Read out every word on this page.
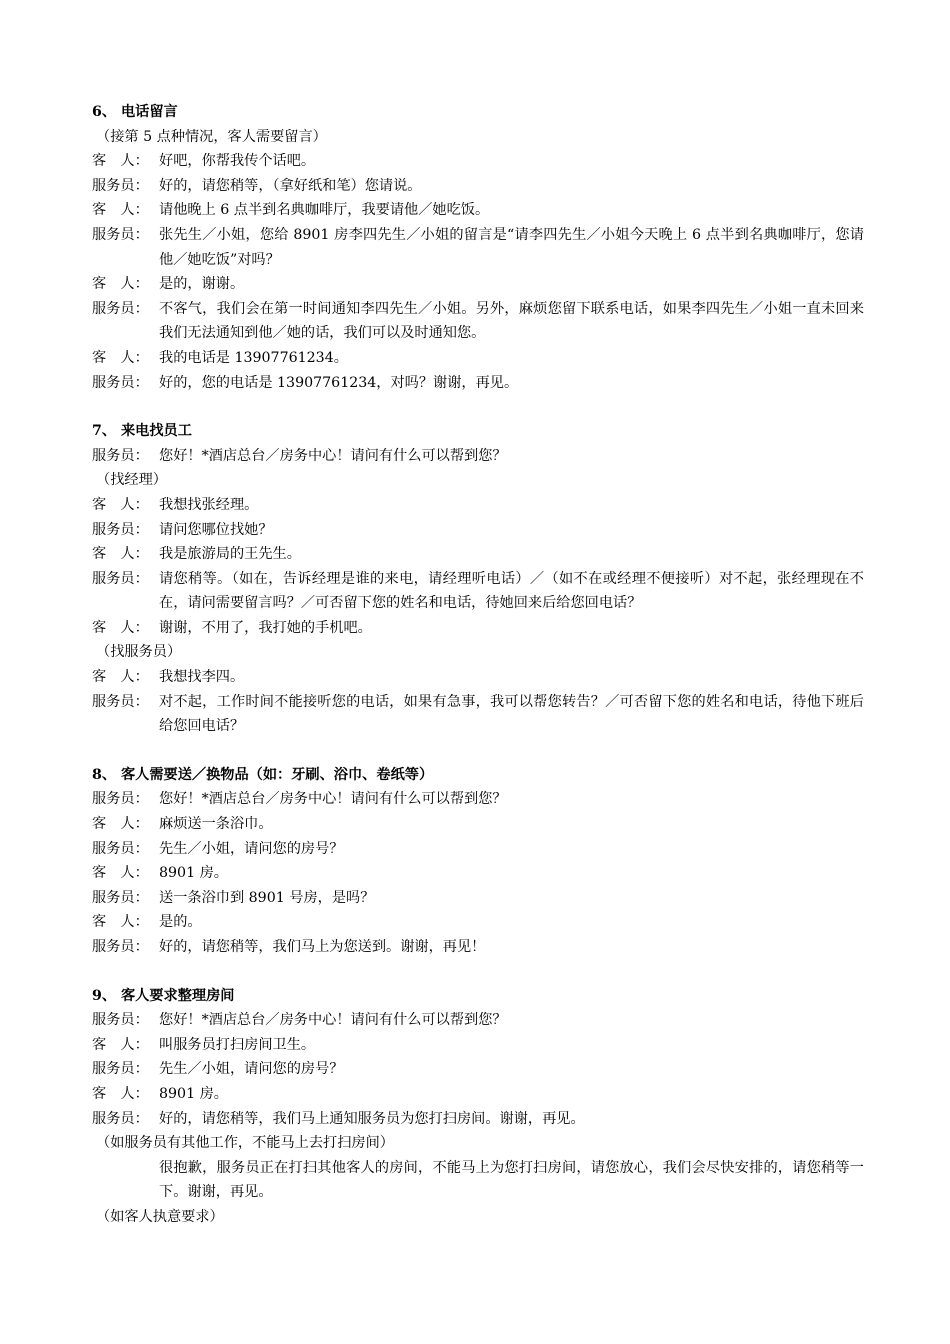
6、 电话留言
（接第 5 点种情况，客人需要留言）
客　人： 好吧，你帮我传个话吧。
服务员： 好的，请您稍等，（拿好纸和笔）您请说。
客　人： 请他晚上 6 点半到名典咖啡厅，我要请他／她吃饭。
服务员： 张先生／小姐，您给 8901 房李四先生／小姐的留言是“请李四先生／小姐今天晚上 6 点半到名典咖啡厅，您请他／她吃饭”对吗？
客　人： 是的，谢谢。
服务员： 不客气，我们会在第一时间通知李四先生／小姐。另外，麻烦您留下联系电话，如果李四先生／小姐一直未回来我们无法通知到他／她的话，我们可以及时通知您。
客　人： 我的电话是 13907761234。
服务员： 好的，您的电话是 13907761234，对吗？谢谢，再见。
7、 来电找员工
服务员： 您好！*酒店总台／房务中心！请问有什么可以帮到您？
（找经理）
客　人： 我想找张经理。
服务员： 请问您哪位找她？
客　人： 我是旅游局的王先生。
服务员： 请您稍等。（如在，告诉经理是谁的来电，请经理听电话）／（如不在或经理不便接听）对不起，张经理现在不在，请问需要留言吗？／可否留下您的姓名和电话，待她回来后给您回电话？
客　人： 谢谢，不用了，我打她的手机吧。
（找服务员）
客　人： 我想找李四。
服务员： 对不起，工作时间不能接听您的电话，如果有急事，我可以帮您转告？／可否留下您的姓名和电话，待他下班后给您回电话？
8、 客人需要送／换物品（如：牙刷、浴巾、卷纸等）
服务员： 您好！*酒店总台／房务中心！请问有什么可以帮到您？
客　人： 麻烦送一条浴巾。
服务员： 先生／小姐，请问您的房号？
客　人： 8901 房。
服务员： 送一条浴巾到 8901 号房，是吗？
客　人： 是的。
服务员： 好的，请您稍等，我们马上为您送到。谢谢，再见！
9、 客人要求整理房间
服务员： 您好！*酒店总台／房务中心！请问有什么可以帮到您？
客　人： 叫服务员打扫房间卫生。
服务员： 先生／小姐，请问您的房号？
客　人： 8901 房。
服务员： 好的，请您稍等，我们马上通知服务员为您打扫房间。谢谢，再见。
（如服务员有其他工作，不能马上去打扫房间）
很抱歉，服务员正在打扫其他客人的房间，不能马上为您打扫房间，请您放心，我们会尽快安排的，请您稍等一下。谢谢，再见。
（如客人执意要求）
